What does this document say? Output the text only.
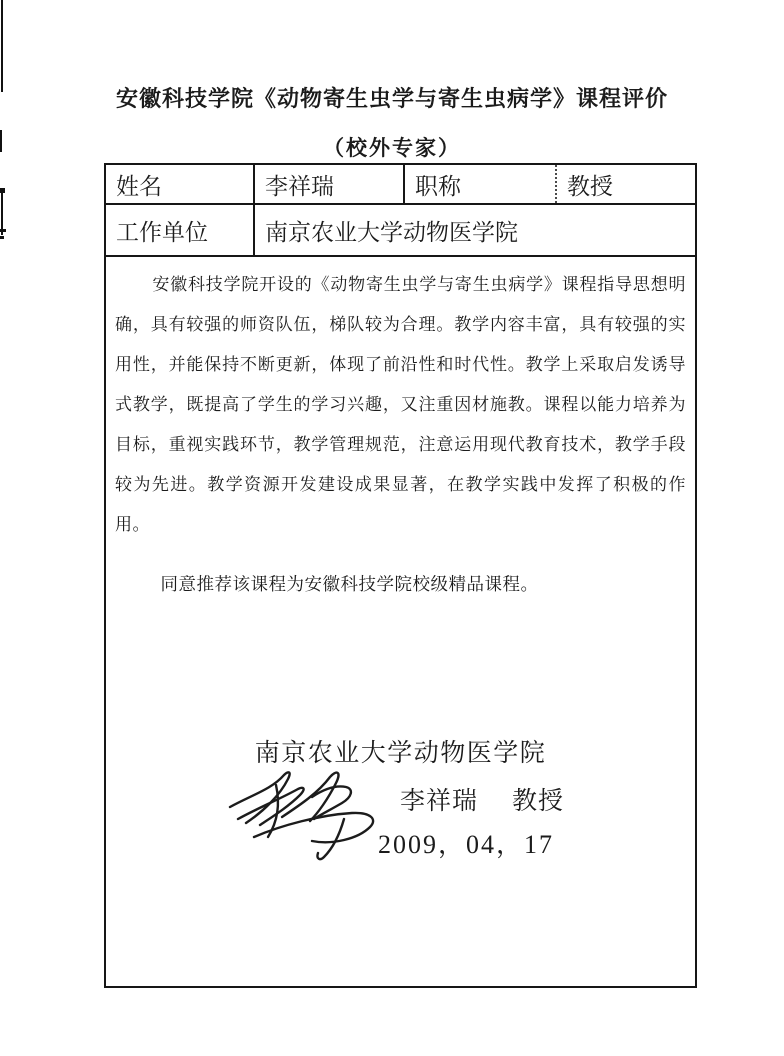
安徽科技学院《动物寄生虫学与寄生虫病学》课程评价
（校外专家）
姓名	李祥瑞	职称	教授
工作单位	南京农业大学动物医学院

安徽科技学院开设的《动物寄生虫学与寄生虫病学》课程指导思想明确，具有较强的师资队伍，梯队较为合理。教学内容丰富，具有较强的实用性，并能保持不断更新，体现了前沿性和时代性。教学上采取启发诱导式教学，既提高了学生的学习兴趣，又注重因材施教。课程以能力培养为目标，重视实践环节，教学管理规范，注意运用现代教育技术，教学手段较为先进。教学资源开发建设成果显著，在教学实践中发挥了积极的作用。

同意推荐该课程为安徽科技学院校级精品课程。

南京农业大学动物医学院
李祥瑞 教授
2009，04，17
